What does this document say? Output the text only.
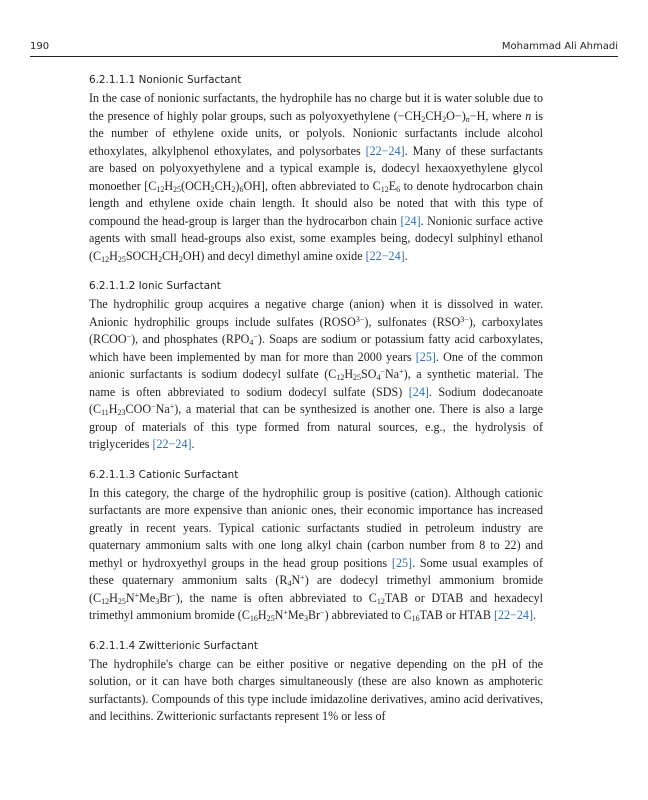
190	Mohammad Ali Ahmadi
6.2.1.1.1 Nonionic Surfactant

In the case of nonionic surfactants, the hydrophile has no charge but it is water soluble due to the presence of highly polar groups, such as polyoxyethylene $(-CH_2CH_2O-)_n-H$, where n is the number of ethylene oxide units, or polyols. Nonionic surfactants include alcohol ethoxylates, alkylphenol ethoxylates, and polysorbates [22−24]. Many of these surfactants are based on polyoxyethylene and a typical example is, dodecyl hexaoxyethylene glycol monoether $[C_{12}H_{25}(OCH_2CH_2)_6OH]$, often abbreviated to $C_{12}E_6$ to denote hydrocarbon chain length and ethylene oxide chain length. It should also be noted that with this type of compound the head-group is larger than the hydrocarbon chain [24]. Nonionic surface active agents with small head-groups also exist, some examples being, dodecyl sulphinyl ethanol $(C_{12}H_{25}SOCH_2CH_2OH)$ and decyl dimethyl amine oxide [22−24].

6.2.1.1.2 Ionic Surfactant

The hydrophilic group acquires a negative charge (anion) when it is dissolved in water. Anionic hydrophilic groups include sulfates $(ROSO^{3-})$, sulfonates $(RSO^{3-})$, carboxylates (RCOO−), and phosphates $(RPO_4^-)$. Soaps are sodium or potassium fatty acid carboxylates, which have been implemented by man for more than 2000 years [25]. One of the common anionic surfactants is sodium dodecyl sulfate $(C_{12}H_{25}SO_4^-Na^+)$, a synthetic material. The name is often abbreviated to sodium dodecyl sulfate (SDS) [24]. Sodium dodecanoate $(C_{11}H_{23}COO^-Na^+)$, a material that can be synthesized is another one. There is also a large group of materials of this type formed from natural sources, e.g., the hydrolysis of triglycerides [22−24].

6.2.1.1.3 Cationic Surfactant

In this category, the charge of the hydrophilic group is positive (cation). Although cationic surfactants are more expensive than anionic ones, their economic importance has increased greatly in recent years. Typical cationic surfactants studied in petroleum industry are quaternary ammonium salts with one long alkyl chain (carbon number from 8 to 22) and methyl or hydroxyethyl groups in the head group positions [25]. Some usual examples of these quaternary ammonium salts $(R_4N^+)$ are dodecyl trimethyl ammonium bromide $(C_{12}H_{25}N^+Me_3Br^-)$, the name is often abbreviated to $C_{12}TAB$ or DTAB and hexadecyl trimethyl ammonium bromide $(C_{16}H_{25}N^+Me_3Br^-)$ abbreviated to $C_{16}TAB$ or HTAB [22−24].

6.2.1.1.4 Zwitterionic Surfactant

The hydrophile's charge can be either positive or negative depending on the pH of the solution, or it can have both charges simultaneously (these are also known as amphoteric surfactants). Compounds of this type include imidazoline derivatives, amino acid derivatives, and lecithins. Zwitterionic surfactants represent 1% or less of
